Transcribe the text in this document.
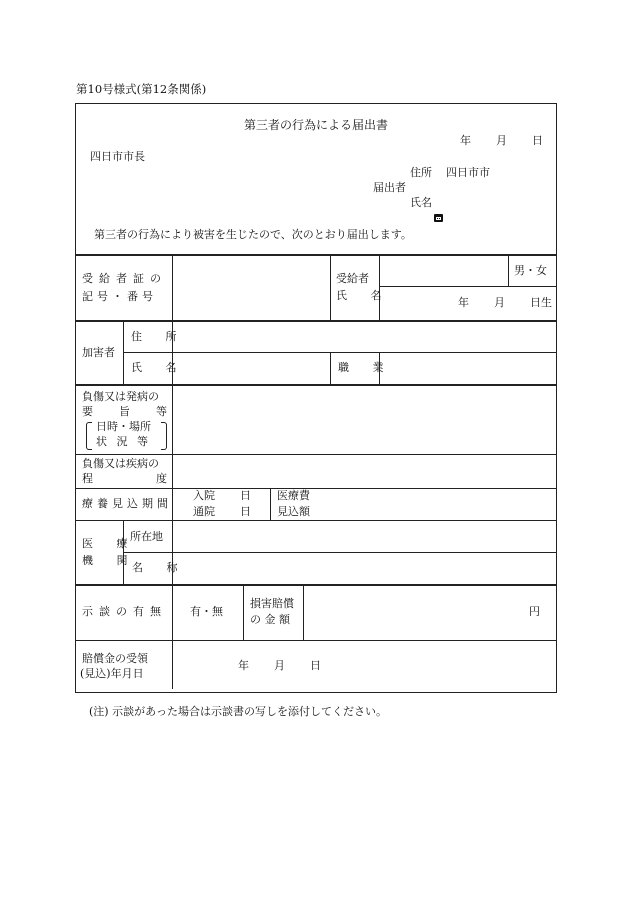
第10号様式(第12条関係)
第三者の行為による届出書
年 月 日
四日市市長
住所 四日市市
届出者
氏名
第三者の行為により被害を生じたので、次のとおり届出します。
受給者証の
記号・番号
受給者
氏 名
男・女
年 月 日生
加害者
住 所
氏 名	職 業
負傷又は発病の
要 旨 等
日時・場所
状 況 等
負傷又は疾病の
程	度
療養見込期間
入院 日
通院 日
医療費
見込額
医 療
機 関
所在地
名 称
示談の有無 有・無
損害賠償
の 金 額
円
賠償金の受領
(見込)年月日
年 月 日
(注) 示談があった場合は示談書の写しを添付してください。
